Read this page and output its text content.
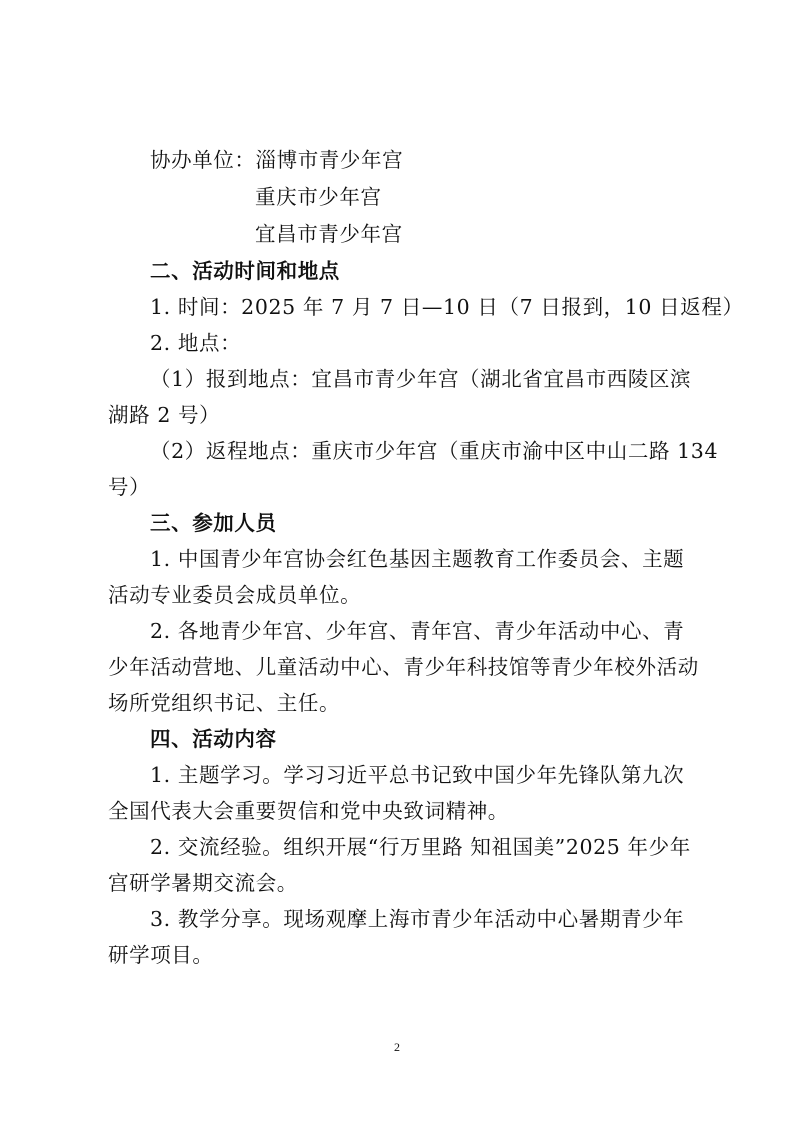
协办单位：淄博市青少年宫
重庆市少年宫
宜昌市青少年宫
二、活动时间和地点
1. 时间：2025 年 7 月 7 日—10 日（7 日报到，10 日返程）
2. 地点：
（1）报到地点：宜昌市青少年宫（湖北省宜昌市西陵区滨
湖路 2 号）
（2）返程地点：重庆市少年宫（重庆市渝中区中山二路 134
号）
三、参加人员
1. 中国青少年宫协会红色基因主题教育工作委员会、主题
活动专业委员会成员单位。
2. 各地青少年宫、少年宫、青年宫、青少年活动中心、青
少年活动营地、儿童活动中心、青少年科技馆等青少年校外活动
场所党组织书记、主任。
四、活动内容
1. 主题学习。学习习近平总书记致中国少年先锋队第九次
全国代表大会重要贺信和党中央致词精神。
2. 交流经验。组织开展“行万里路 知祖国美”2025 年少年
宫研学暑期交流会。
3. 教学分享。现场观摩上海市青少年活动中心暑期青少年
研学项目。
2
